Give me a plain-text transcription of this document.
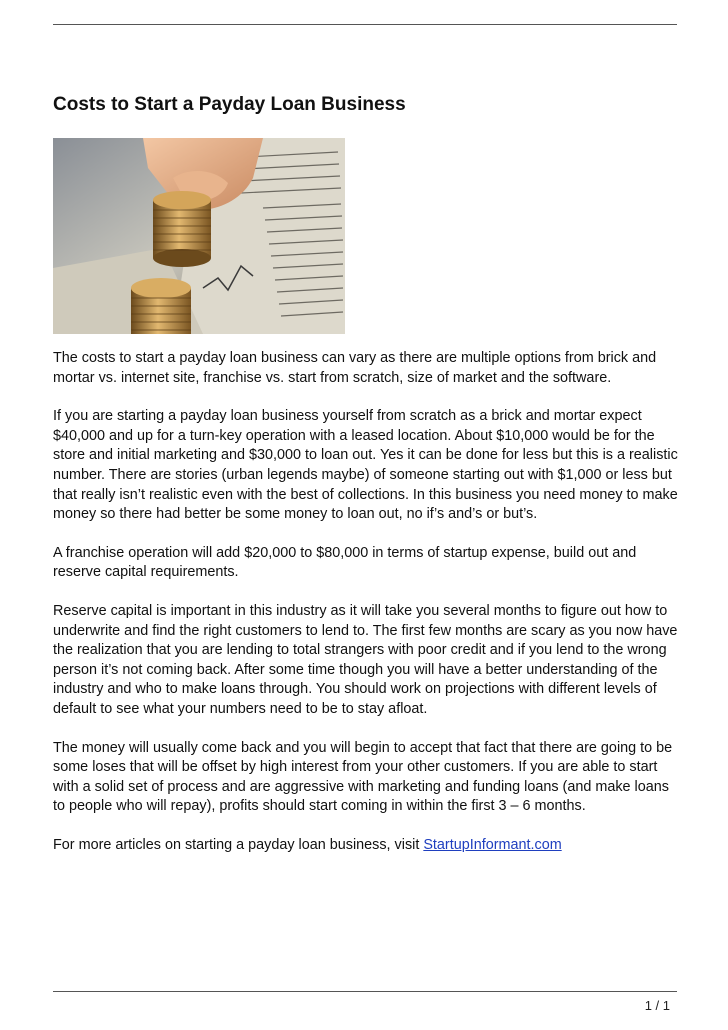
Costs to Start a Payday Loan Business

The costs to start a payday loan business can vary as there are multiple options from brick and mortar vs. internet site, franchise vs. start from scratch, size of market and the software.

If you are starting a payday loan business yourself from scratch as a brick and mortar expect $40,000 and up for a turn-key operation with a leased location. About $10,000 would be for the store and initial marketing and $30,000 to loan out. Yes it can be done for less but this is a realistic number. There are stories (urban legends maybe) of someone starting out with $1,000 or less but that really isn’t realistic even with the best of collections. In this business you need money to make money so there had better be some money to loan out, no if’s and’s or but’s.

A franchise operation will add $20,000 to $80,000 in terms of startup expense, build out and reserve capital requirements.

Reserve capital is important in this industry as it will take you several months to figure out how to underwrite and find the right customers to lend to. The first few months are scary as you now have the realization that you are lending to total strangers with poor credit and if you lend to the wrong person it’s not coming back. After some time though you will have a better understanding of the industry and who to make loans through. You should work on projections with different levels of default to see what your numbers need to be to stay afloat.

The money will usually come back and you will begin to accept that fact that there are going to be some loses that will be offset by high interest from your other customers. If you are able to start with a solid set of process and are aggressive with marketing and funding loans (and make loans to people who will repay), profits should start coming in within the first 3 – 6 months.

For more articles on starting a payday loan business, visit StartupInformant.com

1 / 1
